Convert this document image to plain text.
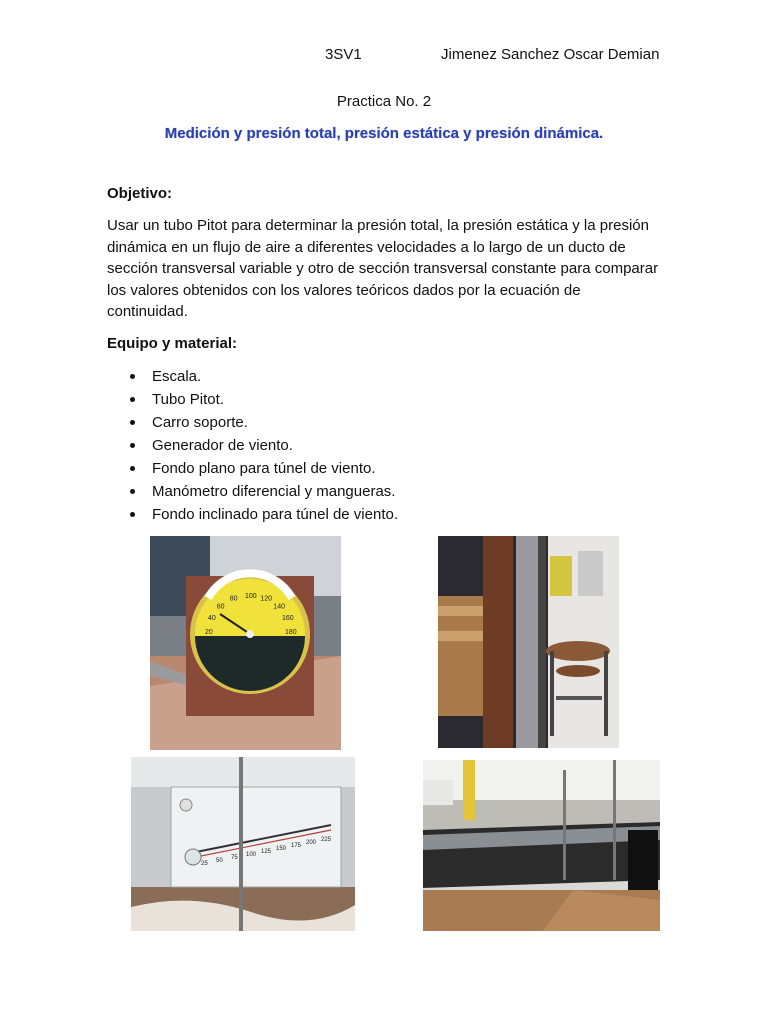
3SV1	Jimenez Sanchez Oscar Demian
Practica No. 2
Medición y presión total, presión estática y presión dinámica.
Objetivo:
Usar un tubo Pitot para determinar la presión total, la presión estática y la presión
dinámica en un flujo de aire a diferentes velocidades a lo largo de un ducto de
sección transversal variable y otro de sección transversal constante para comparar
los valores obtenidos con los valores teóricos dados por la ecuación de
continuidad.
Equipo y material:
Escala.
Tubo Pitot.
Carro soporte.
Generador de viento.
Fondo plano para túnel de viento.
Manómetro diferencial y mangueras.
Fondo inclinado para túnel de viento.
20
40
60
80 100 120
140
160
180
25 50 75 100 125 150 175 200 225
